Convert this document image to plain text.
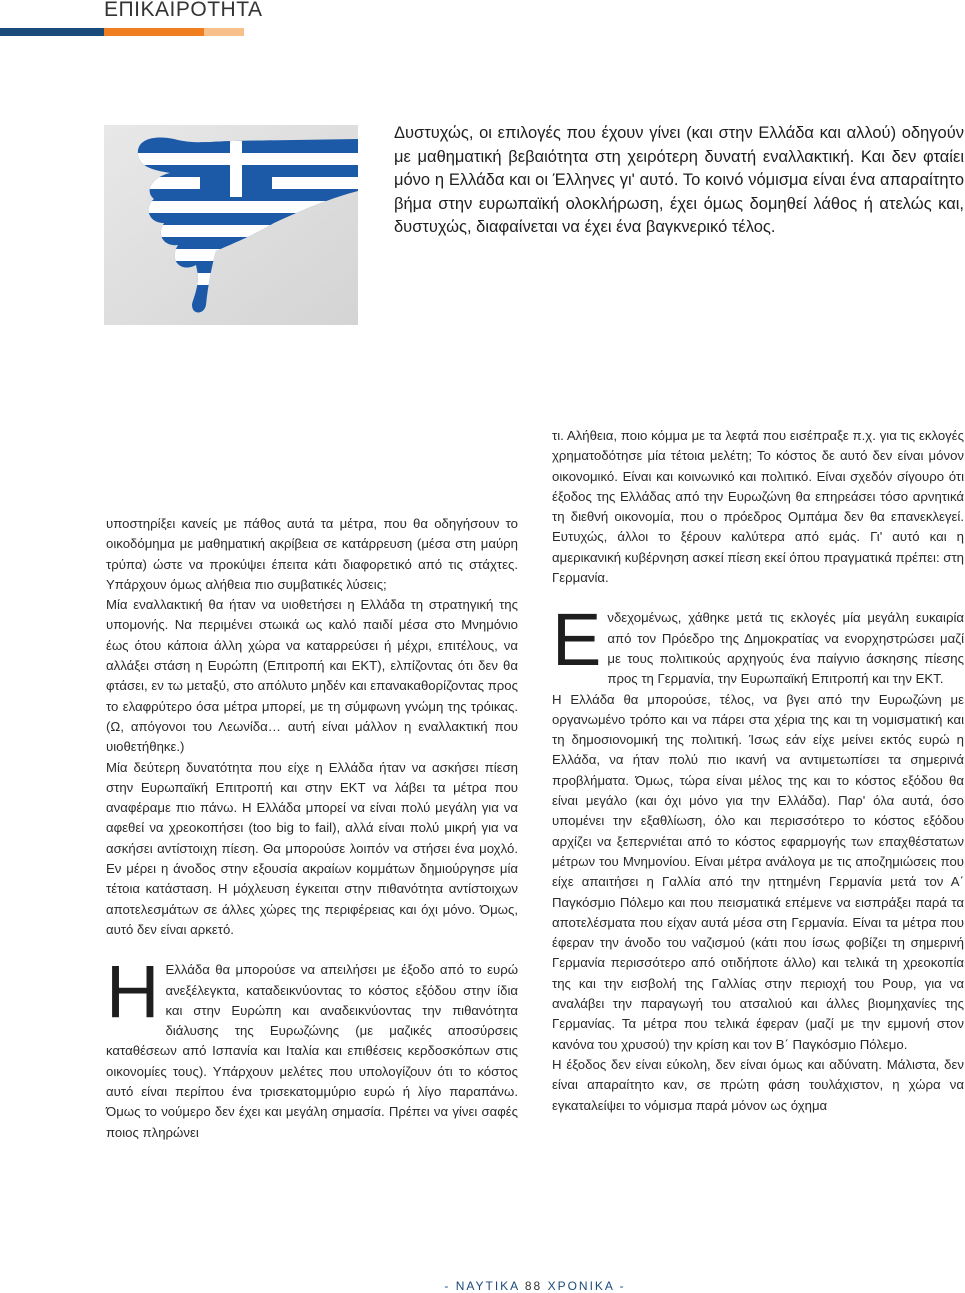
ΕΠΙΚΑΙΡΟΤΗΤΑ

Δυστυχώς, οι επιλογές που έχουν γίνει (και στην Ελλάδα και αλλού) οδηγούν με μαθηματική βεβαιότητα στη χειρότερη δυνατή εναλλακτική. Και δεν φταίει μόνο η Ελλάδα και οι Έλληνες γι' αυτό. Το κοινό νόμισμα είναι ένα απαραίτητο βήμα στην ευρωπαϊκή ολοκλήρωση, έχει όμως δομηθεί λάθος ή ατελώς και, δυστυχώς, διαφαίνεται να έχει ένα βαγκνερικό τέλος.

υποστηρίξει κανείς με πάθος αυτά τα μέτρα, που θα οδηγήσουν το οικοδόμημα με μαθηματική ακρίβεια σε κατάρρευση (μέσα στη μαύρη τρύπα) ώστε να προκύψει έπειτα κάτι διαφορετικό από τις στάχτες. Υπάρχουν όμως αλήθεια πιο συμβατικές λύσεις;

Μία εναλλακτική θα ήταν να υιοθετήσει η Ελλάδα τη στρατηγική της υπομονής. Να περιμένει στωικά ως καλό παιδί μέσα στο Μνημόνιο έως ότου κάποια άλλη χώρα να καταρρεύσει ή μέχρι, επιτέλους, να αλλάξει στάση η Ευρώπη (Επιτροπή και ΕΚΤ), ελπίζοντας ότι δεν θα φτάσει, εν τω μεταξύ, στο απόλυτο μηδέν και επανακαθορίζοντας προς το ελαφρύτερο όσα μέτρα μπορεί, με τη σύμφωνη γνώμη της τρόικας. (Ω, απόγονοι του Λεωνίδα… αυτή είναι μάλλον η εναλλακτική που υιοθετήθηκε.)

Μία δεύτερη δυνατότητα που είχε η Ελλάδα ήταν να ασκήσει πίεση στην Ευρωπαϊκή Επιτροπή και στην ΕΚΤ να λάβει τα μέτρα που αναφέραμε πιο πάνω. Η Ελλάδα μπορεί να είναι πολύ μεγάλη για να αφεθεί να χρεοκοπήσει (too big to fail), αλλά είναι πολύ μικρή για να ασκήσει αντίστοιχη πίεση. Θα μπορούσε λοιπόν να στήσει ένα μοχλό. Εν μέρει η άνοδος στην εξουσία ακραίων κομμάτων δημιούργησε μία τέτοια κατάσταση. Η μόχλευση έγκειται στην πιθανότητα αντίστοιχων αποτελεσμάτων σε άλλες χώρες της περιφέρειας και όχι μόνο. Όμως, αυτό δεν είναι αρκετό.

Η Ελλάδα θα μπορούσε να απειλήσει με έξοδο από το ευρώ ανεξέλεγκτα, καταδεικνύοντας το κόστος εξόδου στην ίδια και στην Ευρώπη και αναδεικνύοντας την πιθανότητα διάλυσης της Ευρωζώνης (με μαζικές αποσύρσεις καταθέσεων από Ισπανία και Ιταλία και επιθέσεις κερδοσκόπων στις οικονομίες τους). Υπάρχουν μελέτες που υπολογίζουν ότι το κόστος αυτό είναι περίπου ένα τρισεκατομμύριο ευρώ ή λίγο παραπάνω. Όμως το νούμερο δεν έχει και μεγάλη σημασία. Πρέπει να γίνει σαφές ποιος πληρώνει

τι. Αλήθεια, ποιο κόμμα με τα λεφτά που εισέπραξε π.χ. για τις εκλογές χρηματοδότησε μία τέτοια μελέτη; Το κόστος δε αυτό δεν είναι μόνον οικονομικό. Είναι και κοινωνικό και πολιτικό. Είναι σχεδόν σίγουρο ότι έξοδος της Ελλάδας από την Ευρωζώνη θα επηρεάσει τόσο αρνητικά τη διεθνή οικονομία, που ο πρόεδρος Ομπάμα δεν θα επανεκλεγεί. Ευτυχώς, άλλοι το ξέρουν καλύτερα από εμάς. Γι' αυτό και η αμερικανική κυβέρνηση ασκεί πίεση εκεί όπου πραγματικά πρέπει: στη Γερμανία.

Ενδεχομένως, χάθηκε μετά τις εκλογές μία μεγάλη ευκαιρία από τον Πρόεδρο της Δημοκρατίας να ενορχηστρώσει μαζί με τους πολιτικούς αρχηγούς ένα παίγνιο άσκησης πίεσης προς τη Γερμανία, την Ευρωπαϊκή Επιτροπή και την ΕΚΤ.

Η Ελλάδα θα μπορούσε, τέλος, να βγει από την Ευρωζώνη με οργανωμένο τρόπο και να πάρει στα χέρια της και τη νομισματική και τη δημοσιονομική της πολιτική. Ίσως εάν είχε μείνει εκτός ευρώ η Ελλάδα, να ήταν πολύ πιο ικανή να αντιμετωπίσει τα σημερινά προβλήματα. Όμως, τώρα είναι μέλος της και το κόστος εξόδου θα είναι μεγάλο (και όχι μόνο για την Ελλάδα). Παρ' όλα αυτά, όσο υπομένει την εξαθλίωση, όλο και περισσότερο το κόστος εξόδου αρχίζει να ξεπερνιέται από το κόστος εφαρμογής των επαχθέστατων μέτρων του Μνημονίου. Είναι μέτρα ανάλογα με τις αποζημιώσεις που είχε απαιτήσει η Γαλλία από την ηττημένη Γερμανία μετά τον Α΄ Παγκόσμιο Πόλεμο και που πεισματικά επέμενε να εισπράξει παρά τα αποτελέσματα που είχαν αυτά μέσα στη Γερμανία. Είναι τα μέτρα που έφεραν την άνοδο του ναζισμού (κάτι που ίσως φοβίζει τη σημερινή Γερμανία περισσότερο από οτιδήποτε άλλο) και τελικά τη χρεοκοπία της και την εισβολή της Γαλλίας στην περιοχή του Ρουρ, για να αναλάβει την παραγωγή του ατσαλιού και άλλες βιομηχανίες της Γερμανίας. Τα μέτρα που τελικά έφεραν (μαζί με την εμμονή στον κανόνα του χρυσού) την κρίση και τον Β΄ Παγκόσμιο Πόλεμο.

Η έξοδος δεν είναι εύκολη, δεν είναι όμως και αδύνατη. Μάλιστα, δεν είναι απαραίτητο καν, σε πρώτη φάση τουλάχιστον, η χώρα να εγκαταλείψει το νόμισμα παρά μόνον ως όχημα

- ΝΑΥΤΙΚΑ 88 ΧΡΟΝΙΚΑ -
